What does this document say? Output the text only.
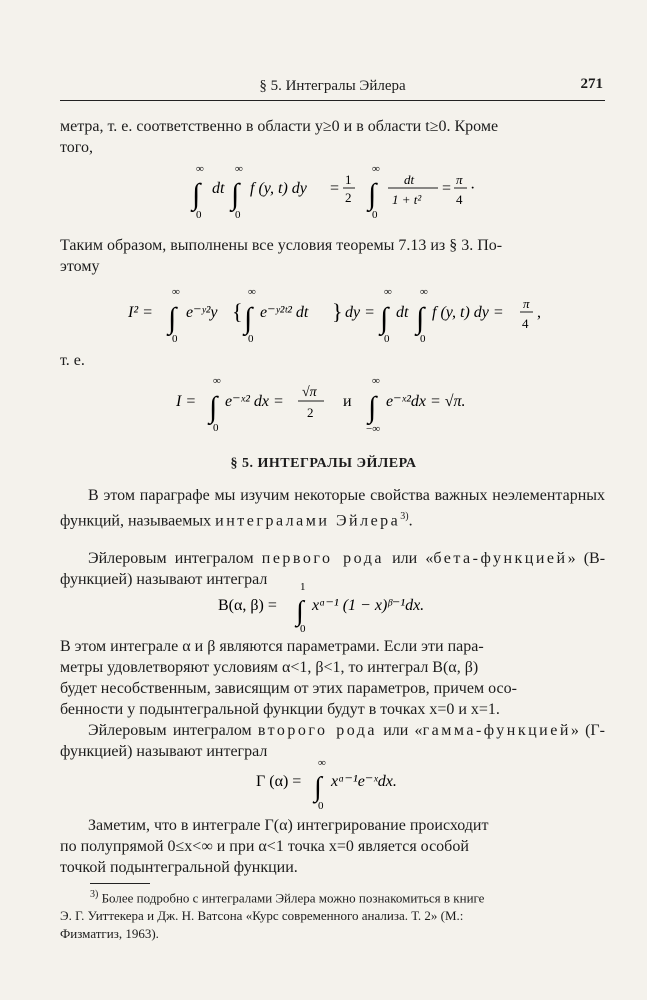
§ 5. Интегралы Эйлера	271
метра, т. е. соответственно в области y≥0 и в области t≥0. Кроме
того,
∞
∫
0
dt
∞
∫
0
f (y, t) dy =
1
2
∞
∫
0
dt
1 + t²
=
π
4
·
Таким образом, выполнены все условия теоремы 7.13 из § 3. По-
этому
I² =
∞
∫
0
e⁻ʸ²y {
∞
∫
0
e⁻ʸ²ᵗ² dt } dy =
∞
∫
0
dt
∞
∫
0
f (y, t) dy =
π
4
,
т. е.
I =
∞
∫
0
e⁻ˣ² dx =
√π
2
и
∞
∫
−∞
e⁻ˣ²dx = √π.
§ 5. ИНТЕГРАЛЫ ЭЙЛЕРА
В этом параграфе мы изучим некоторые свойства важных неэлементарных функций, называемых интегралами Эйлера$^{3)}$.
Эйлеровым интегралом первого рода или «бета-функцией» (B-функцией) называют интеграл
B(α, β) =
1
∫
0
xᵅ⁻¹ (1 − x)ᵝ⁻¹dx.
В этом интеграле α и β являются параметрами. Если эти пара-
метры удовлетворяют условиям α<1, β<1, то интеграл B(α, β)
будет несобственным, зависящим от этих параметров, причем осо-
бенности у подынтегральной функции будут в точках x=0 и x=1.
Эйлеровым интегралом второго рода или «гамма-функцией» (Г-функцией) называют интеграл
Г (α) =
∞
∫
0
xᵅ⁻¹e⁻ˣdx.
Заметим, что в интеграле Г(α) интегрирование происходит
по полупрямой 0≤x<∞ и при α<1 точка x=0 является особой
точкой подынтегральной функции.
$^{3)}$ Более подробно с интегралами Эйлера можно познакомиться в книге
Э. Г. Уиттекера и Дж. Н. Ватсона «Курс современного анализа. Т. 2» (М.:
Физматгиз, 1963).
